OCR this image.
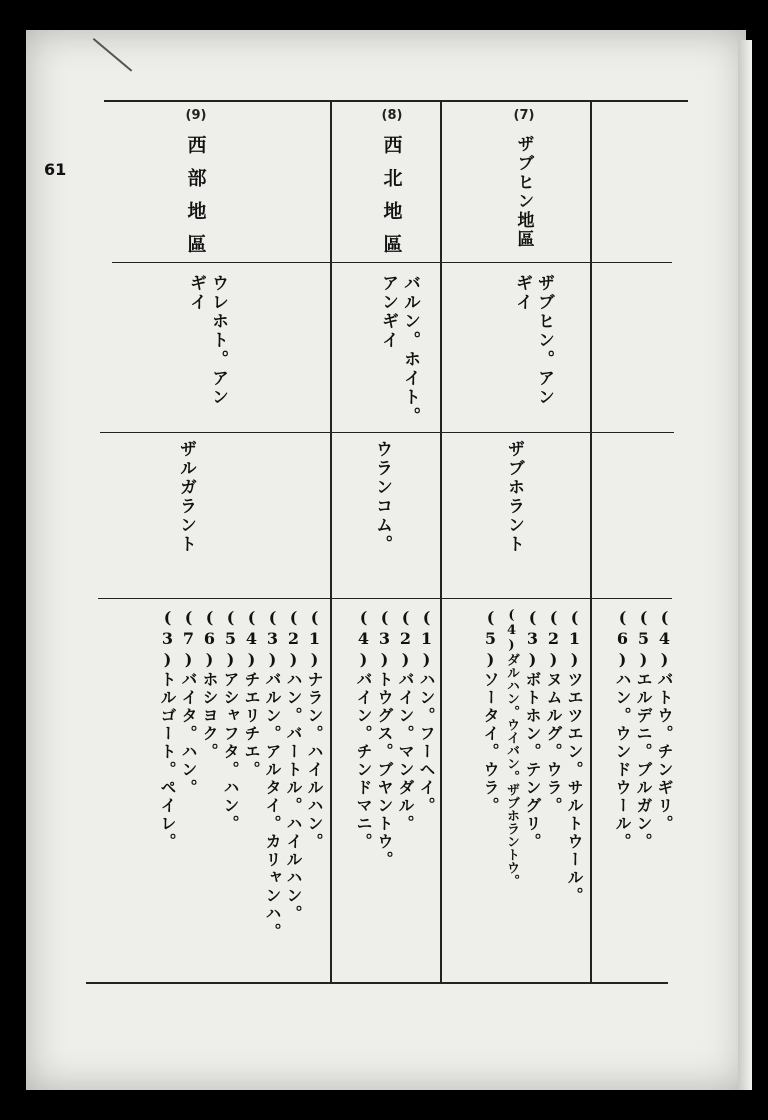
61
(9)
西部地區
ウレホト。アン
ギイ
ザルガラント
(1)ナラン。ハイルハン。
(2)ハン。バートル。ハイルハン。
(3)バルン。アルタイ。カリャンハ。
(4)チエリチエ。
(5)アシャフタ。ハン。
(6)ホシヨク。
(7)バイタ。ハン。
(3)トルゴート。ペイレ。
(8)
西北地區
バルン。ホイト。
アンギイ
ウランコム。
(1)ハン。フーヘイ。
(2)バイン。マンダル。
(3)トウグス。ブヤントウ。
(4)バイン。チンドマニ。
(7)
ザブヒン地區
ザブヒン。アン
ギイ
ザブホラント
(1)ツエツエン。サルトウール。
(2)ヌムルグ。ウラ。
(3)ボトホン。テングリ。
(4)ダルハン。ウイバン。ザブホラントウ。
(5)ソータイ。ウラ。	(4)バトウ。チンギリ。
(5)エルデニ。ブルガン。
(6)ハン。ウンドウール。
